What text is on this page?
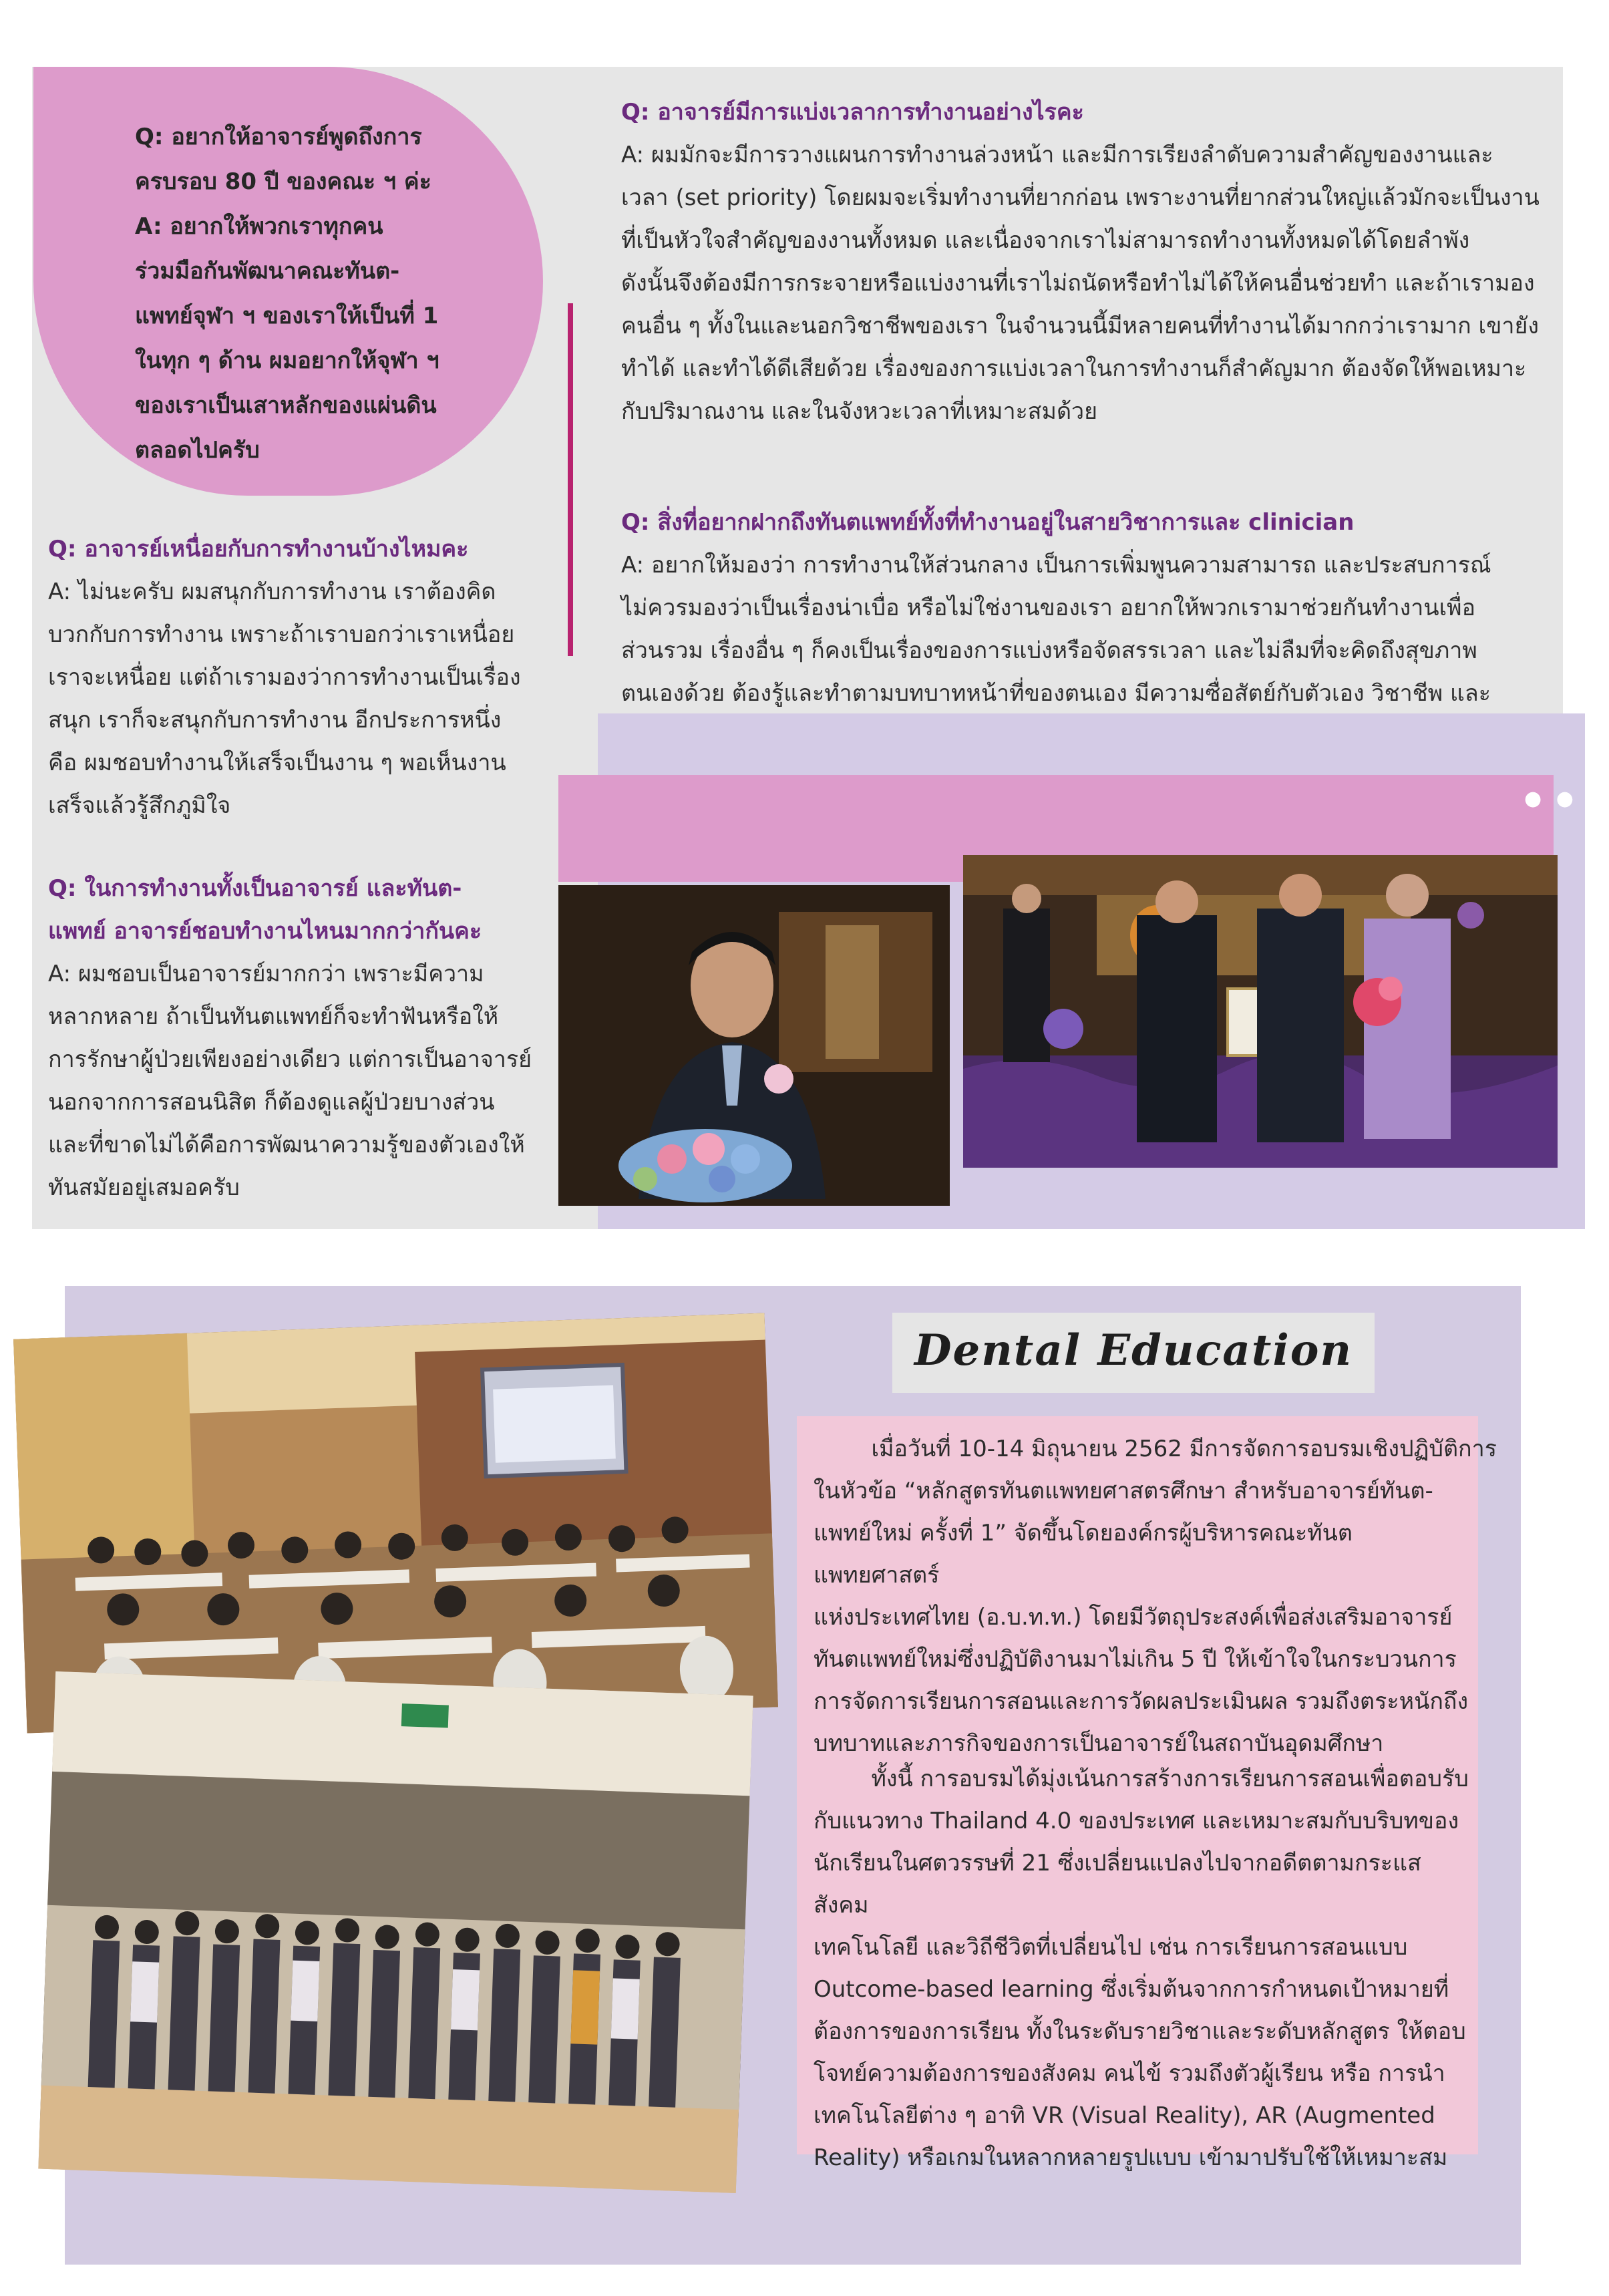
Q: อยากให้อาจารย์พูดถึงการ
ครบรอบ 80 ปี ของคณะ ฯ ค่ะ
A: อยากให้พวกเราทุกคน
ร่วมมือกันพัฒนาคณะทันต-
แพทย์จุฬา ฯ ของเราให้เป็นที่ 1
ในทุก ๆ ด้าน ผมอยากให้จุฬา ฯ
ของเราเป็นเสาหลักของแผ่นดิน
ตลอดไปครับ

Q: อาจารย์มีการแบ่งเวลาการทำงานอย่างไรคะ
A: ผมมักจะมีการวางแผนการทำงานล่วงหน้า และมีการเรียงลำดับความสำคัญของงานและ
เวลา (set priority) โดยผมจะเริ่มทำงานที่ยากก่อน เพราะงานที่ยากส่วนใหญ่แล้วมักจะเป็นงาน
ที่เป็นหัวใจสำคัญของงานทั้งหมด และเนื่องจากเราไม่สามารถทำงานทั้งหมดได้โดยลำพัง
ดังนั้นจึงต้องมีการกระจายหรือแบ่งงานที่เราไม่ถนัดหรือทำไม่ได้ให้คนอื่นช่วยทำ และถ้าเรามอง
คนอื่น ๆ ทั้งในและนอกวิชาชีพของเรา ในจำนวนนี้มีหลายคนที่ทำงานได้มากกว่าเรามาก เขายัง
ทำได้ และทำได้ดีเสียด้วย เรื่องของการแบ่งเวลาในการทำงานก็สำคัญมาก ต้องจัดให้พอเหมาะ
กับปริมาณงาน และในจังหวะเวลาที่เหมาะสมด้วย
Q: สิ่งที่อยากฝากถึงทันตแพทย์ทั้งที่ทำงานอยู่ในสายวิชาการและ clinician
A: อยากให้มองว่า การทำงานให้ส่วนกลาง เป็นการเพิ่มพูนความสามารถ และประสบการณ์
ไม่ควรมองว่าเป็นเรื่องน่าเบื่อ หรือไม่ใช่งานของเรา อยากให้พวกเรามาช่วยกันทำงานเพื่อ
ส่วนรวม เรื่องอื่น ๆ ก็คงเป็นเรื่องของการแบ่งหรือจัดสรรเวลา และไม่ลืมที่จะคิดถึงสุขภาพ
ตนเองด้วย ต้องรู้และทำตามบทบาทหน้าที่ของตนเอง มีความซื่อสัตย์กับตัวเอง วิชาชีพ และ
Q: อาจารย์เหนื่อยกับการทำงานบ้างไหมคะ
A: ไม่นะครับ ผมสนุกกับการทำงาน เราต้องคิด
บวกกับการทำงาน เพราะถ้าเราบอกว่าเราเหนื่อย
เราจะเหนื่อย แต่ถ้าเรามองว่าการทำงานเป็นเรื่อง
สนุก เราก็จะสนุกกับการทำงาน อีกประการหนึ่ง
คือ ผมชอบทำงานให้เสร็จเป็นงาน ๆ พอเห็นงาน
เสร็จแล้วรู้สึกภูมิใจ
Q: ในการทำงานทั้งเป็นอาจารย์ และทันต-
แพทย์ อาจารย์ชอบทำงานไหนมากกว่ากันคะ
A: ผมชอบเป็นอาจารย์มากกว่า เพราะมีความ
หลากหลาย ถ้าเป็นทันตแพทย์ก็จะทำฟันหรือให้
การรักษาผู้ป่วยเพียงอย่างเดียว แต่การเป็นอาจารย์
นอกจากการสอนนิสิต ก็ต้องดูแลผู้ป่วยบางส่วน
และที่ขาดไม่ได้คือการพัฒนาความรู้ของตัวเองให้
ทันสมัยอยู่เสมอครับ
● ●
Dental Education
เมื่อวันที่ 10-14 มิถุนายน 2562 มีการจัดการอบรมเชิงปฏิบัติการ
ในหัวข้อ “หลักสูตรทันตแพทยศาสตรศึกษา สำหรับอาจารย์ทันต-
แพทย์ใหม่ ครั้งที่ 1” จัดขึ้นโดยองค์กรผู้บริหารคณะทันตแพทยศาสตร์
แห่งประเทศไทย (อ.บ.ท.ท.) โดยมีวัตถุประสงค์เพื่อส่งเสริมอาจารย์
ทันตแพทย์ใหม่ซึ่งปฏิบัติงานมาไม่เกิน 5 ปี ให้เข้าใจในกระบวนการ
การจัดการเรียนการสอนและการวัดผลประเมินผล รวมถึงตระหนักถึง
บทบาทและภารกิจของการเป็นอาจารย์ในสถาบันอุดมศึกษา
ทั้งนี้ การอบรมได้มุ่งเน้นการสร้างการเรียนการสอนเพื่อตอบรับ
กับแนวทาง Thailand 4.0 ของประเทศ และเหมาะสมกับบริบทของ
นักเรียนในศตวรรษที่ 21 ซึ่งเปลี่ยนแปลงไปจากอดีตตามกระแสสังคม
เทคโนโลยี และวิถีชีวิตที่เปลี่ยนไป เช่น การเรียนการสอนแบบ
Outcome-based learning ซึ่งเริ่มต้นจากการกำหนดเป้าหมายที่
ต้องการของการเรียน ทั้งในระดับรายวิชาและระดับหลักสูตร ให้ตอบ
โจทย์ความต้องการของสังคม คนไข้ รวมถึงตัวผู้เรียน หรือ การนำ
เทคโนโลยีต่าง ๆ อาทิ VR (Visual Reality), AR (Augmented
Reality) หรือเกมในหลากหลายรูปแบบ เข้ามาปรับใช้ให้เหมาะสม
